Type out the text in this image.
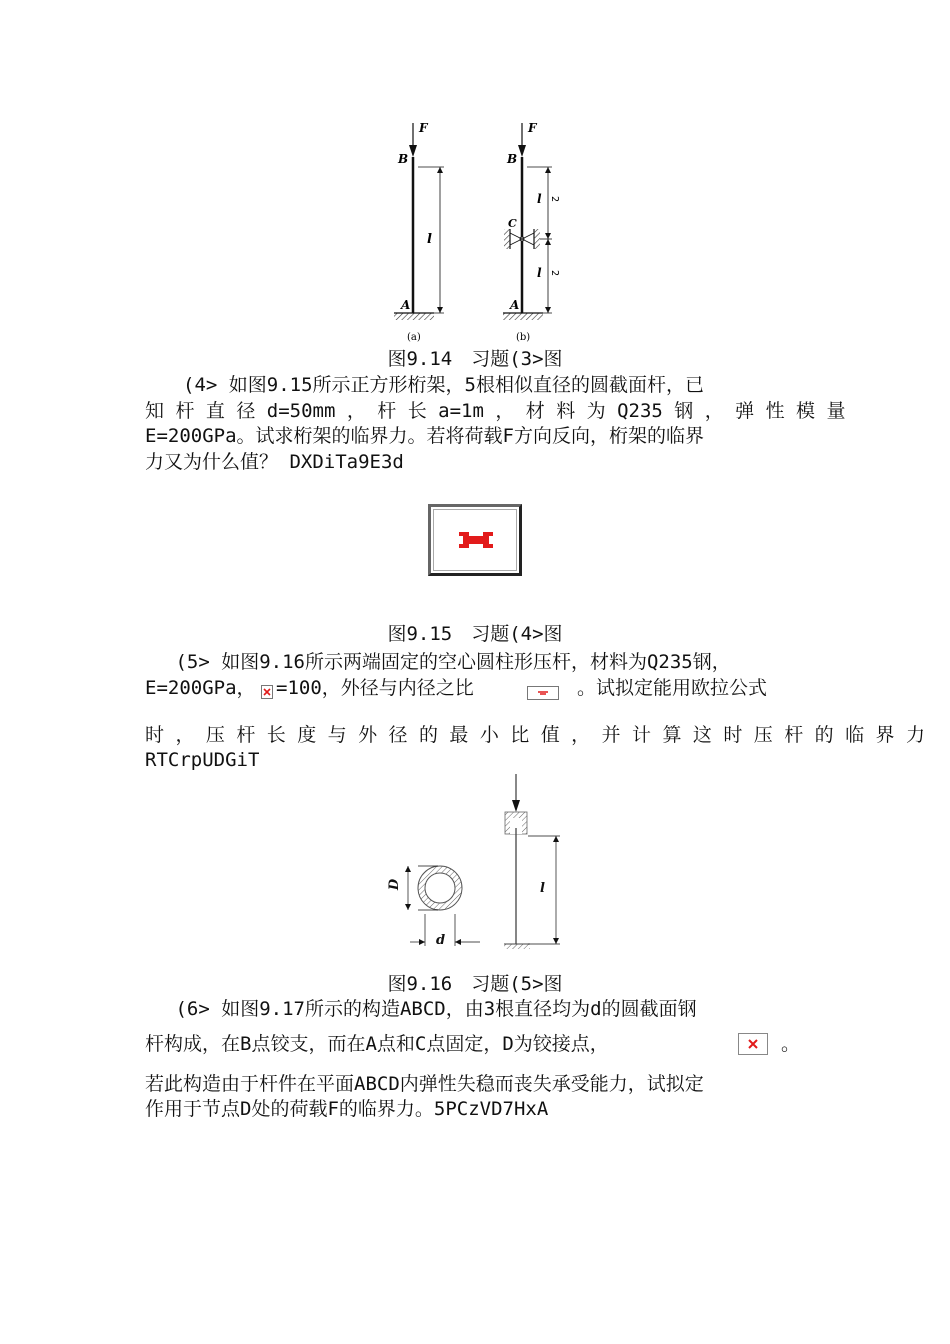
F
B
l
A
(a)
F
B
C
A
(b)
l 2
l 2
图9.14　习题(3>图
　　(4> 如图9.15所示正方形桁架，5根相似直径的圆截面杆，已
知 杆 直 径 d=50mm ， 杆 长 a=1m ， 材 料 为 Q235 钢 ， 弹 性 模 量
E=200GPa。试求桁架的临界力。若将荷载F方向反向，桁架的临界
力又为什么值？ DXDiTa9E3d
图9.15　习题(4>图
　 (5> 如图9.16所示两端固定的空心圆柱形压杆，材料为Q235钢，
E=200GPa， =100，外径与内径之比	。试拟定能用欧拉公式
时 ， 压 杆 长 度 与 外 径 的 最 小 比 值 ， 并 计 算 这 时 压 杆 的 临 界 力
RTCrpUDGiT
D
d
l
图9.16　习题(5>图
　 (6> 如图9.17所示的构造ABCD，由3根直径均为d的圆截面钢
杆构成，在B点铰支，而在A点和C点固定，D为铰接点，	。
若此构造由于杆件在平面ABCD内弹性失稳而丧失承受能力，试拟定
作用于节点D处的荷载F的临界力。5PCzVD7HxA
